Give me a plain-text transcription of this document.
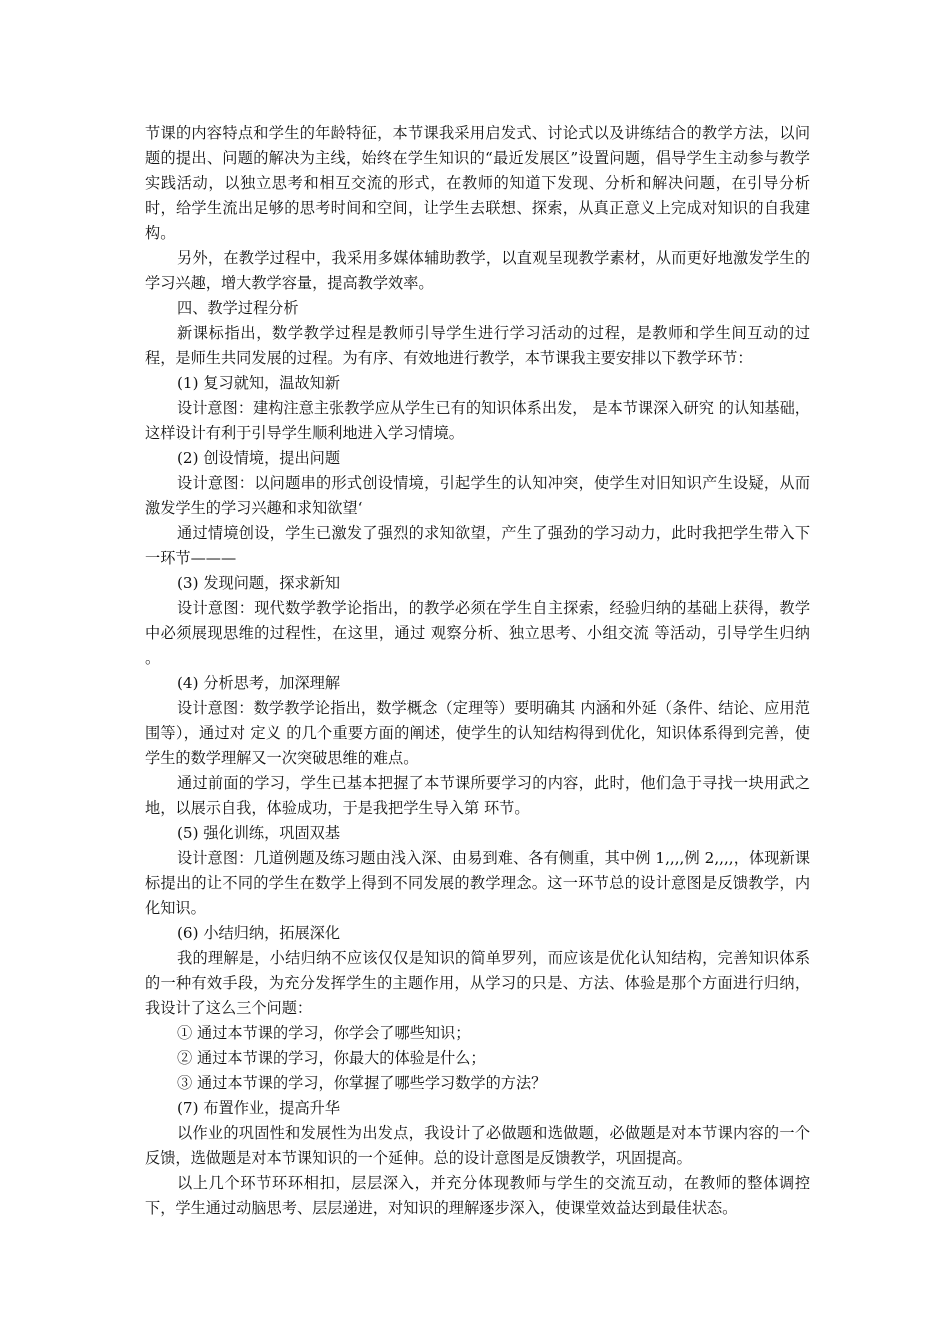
节课的内容特点和学生的年龄特征，本节课我采用启发式、讨论式以及讲练结合的教学方法，以问题的提出、问题的解决为主线，始终在学生知识的“最近发展区”设置问题，倡导学生主动参与教学实践活动，以独立思考和相互交流的形式，在教师的知道下发现、分析和解决问题，在引导分析时，给学生流出足够的思考时间和空间，让学生去联想、探索，从真正意义上完成对知识的自我建构。

另外，在教学过程中，我采用多媒体辅助教学，以直观呈现教学素材，从而更好地激发学生的学习兴趣，增大教学容量，提高教学效率。

四、教学过程分析

新课标指出，数学教学过程是教师引导学生进行学习活动的过程，是教师和学生间互动的过程，是师生共同发展的过程。为有序、有效地进行教学，本节课我主要安排以下教学环节：

(1) 复习就知，温故知新

设计意图：建构注意主张教学应从学生已有的知识体系出发， 是本节课深入研究 的认知基础，这样设计有利于引导学生顺利地进入学习情境。

(2) 创设情境，提出问题

设计意图：以问题串的形式创设情境，引起学生的认知冲突，使学生对旧知识产生设疑，从而激发学生的学习兴趣和求知欲望‘

通过情境创设，学生已激发了强烈的求知欲望，产生了强劲的学习动力，此时我把学生带入下一环节———

(3) 发现问题，探求新知

设计意图：现代数学教学论指出，的教学必须在学生自主探索，经验归纳的基础上获得，教学中必须展现思维的过程性，在这里，通过 观察分析、独立思考、小组交流 等活动，引导学生归纳 。

(4) 分析思考，加深理解

设计意图：数学教学论指出，数学概念（定理等）要明确其 内涵和外延（条件、结论、应用范围等），通过对 定义 的几个重要方面的阐述，使学生的认知结构得到优化，知识体系得到完善，使学生的数学理解又一次突破思维的难点。

通过前面的学习，学生已基本把握了本节课所要学习的内容，此时，他们急于寻找一块用武之地，以展示自我，体验成功，于是我把学生导入第 环节。

(5) 强化训练，巩固双基

设计意图：几道例题及练习题由浅入深、由易到难、各有侧重，其中例 1,,,,例 2,,,,，体现新课标提出的让不同的学生在数学上得到不同发展的教学理念。这一环节总的设计意图是反馈教学，内化知识。

(6) 小结归纳，拓展深化

我的理解是，小结归纳不应该仅仅是知识的简单罗列，而应该是优化认知结构，完善知识体系的一种有效手段，为充分发挥学生的主题作用，从学习的只是、方法、体验是那个方面进行归纳，我设计了这么三个问题：

① 通过本节课的学习，你学会了哪些知识；

② 通过本节课的学习，你最大的体验是什么；

③ 通过本节课的学习，你掌握了哪些学习数学的方法？

(7) 布置作业，提高升华

以作业的巩固性和发展性为出发点，我设计了必做题和选做题，必做题是对本节课内容的一个反馈，选做题是对本节课知识的一个延伸。总的设计意图是反馈教学，巩固提高。

以上几个环节环环相扣，层层深入，并充分体现教师与学生的交流互动，在教师的整体调控下，学生通过动脑思考、层层递进，对知识的理解逐步深入，使课堂效益达到最佳状态。
